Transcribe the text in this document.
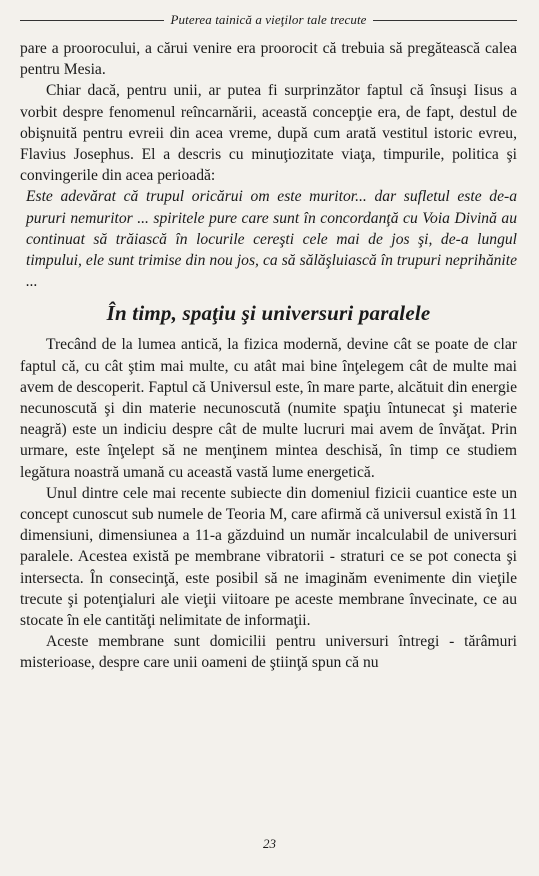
Puterea tainică a vieţilor tale trecute

pare a proorocului, a cărui venire era proorocit că trebuia să pregătească calea pentru Mesia.

Chiar dacă, pentru unii, ar putea fi surprinzător faptul că însuşi Iisus a vorbit despre fenomenul reîncarnării, această concepţie era, de fapt, destul de obişnuită pentru evreii din acea vreme, după cum arată vestitul istoric evreu, Flavius Josephus. El a descris cu minuţiozitate viaţa, timpurile, politica şi convingerile din acea perioadă:

Este adevărat că trupul oricărui om este muritor... dar sufletul este de-a pururi nemuritor ... spiritele pure care sunt în concordanţă cu Voia Divină au continuat să trăiască în locurile cereşti cele mai de jos şi, de-a lungul timpului, ele sunt trimise din nou jos, ca să sălăşluiască în trupuri neprihănite ...

În timp, spaţiu şi universuri paralele

Trecând de la lumea antică, la fizica modernă, devine cât se poate de clar faptul că, cu cât ştim mai multe, cu atât mai bine înţelegem cât de multe mai avem de descoperit. Faptul că Universul este, în mare parte, alcătuit din energie necunoscută şi din materie necunoscută (numite spaţiu întunecat şi materie neagră) este un indiciu despre cât de multe lucruri mai avem de învăţat. Prin urmare, este înţelept să ne menţinem mintea deschisă, în timp ce studiem legătura noastră umană cu această vastă lume energetică.

Unul dintre cele mai recente subiecte din domeniul fizicii cuantice este un concept cunoscut sub numele de Teoria M, care afirmă că universul există în 11 dimensiuni, dimensiunea a 11-a găzduind un număr incalculabil de universuri paralele. Acestea există pe membrane vibratorii - straturi ce se pot conecta şi intersecta. În consecinţă, este posibil să ne imaginăm evenimente din vieţile trecute şi potenţialuri ale vieţii viitoare pe aceste membrane învecinate, ce au stocate în ele cantităţi nelimitate de informaţii.

Aceste membrane sunt domicilii pentru universuri întregi - tărâmuri misterioase, despre care unii oameni de ştiinţă spun că nu

23
